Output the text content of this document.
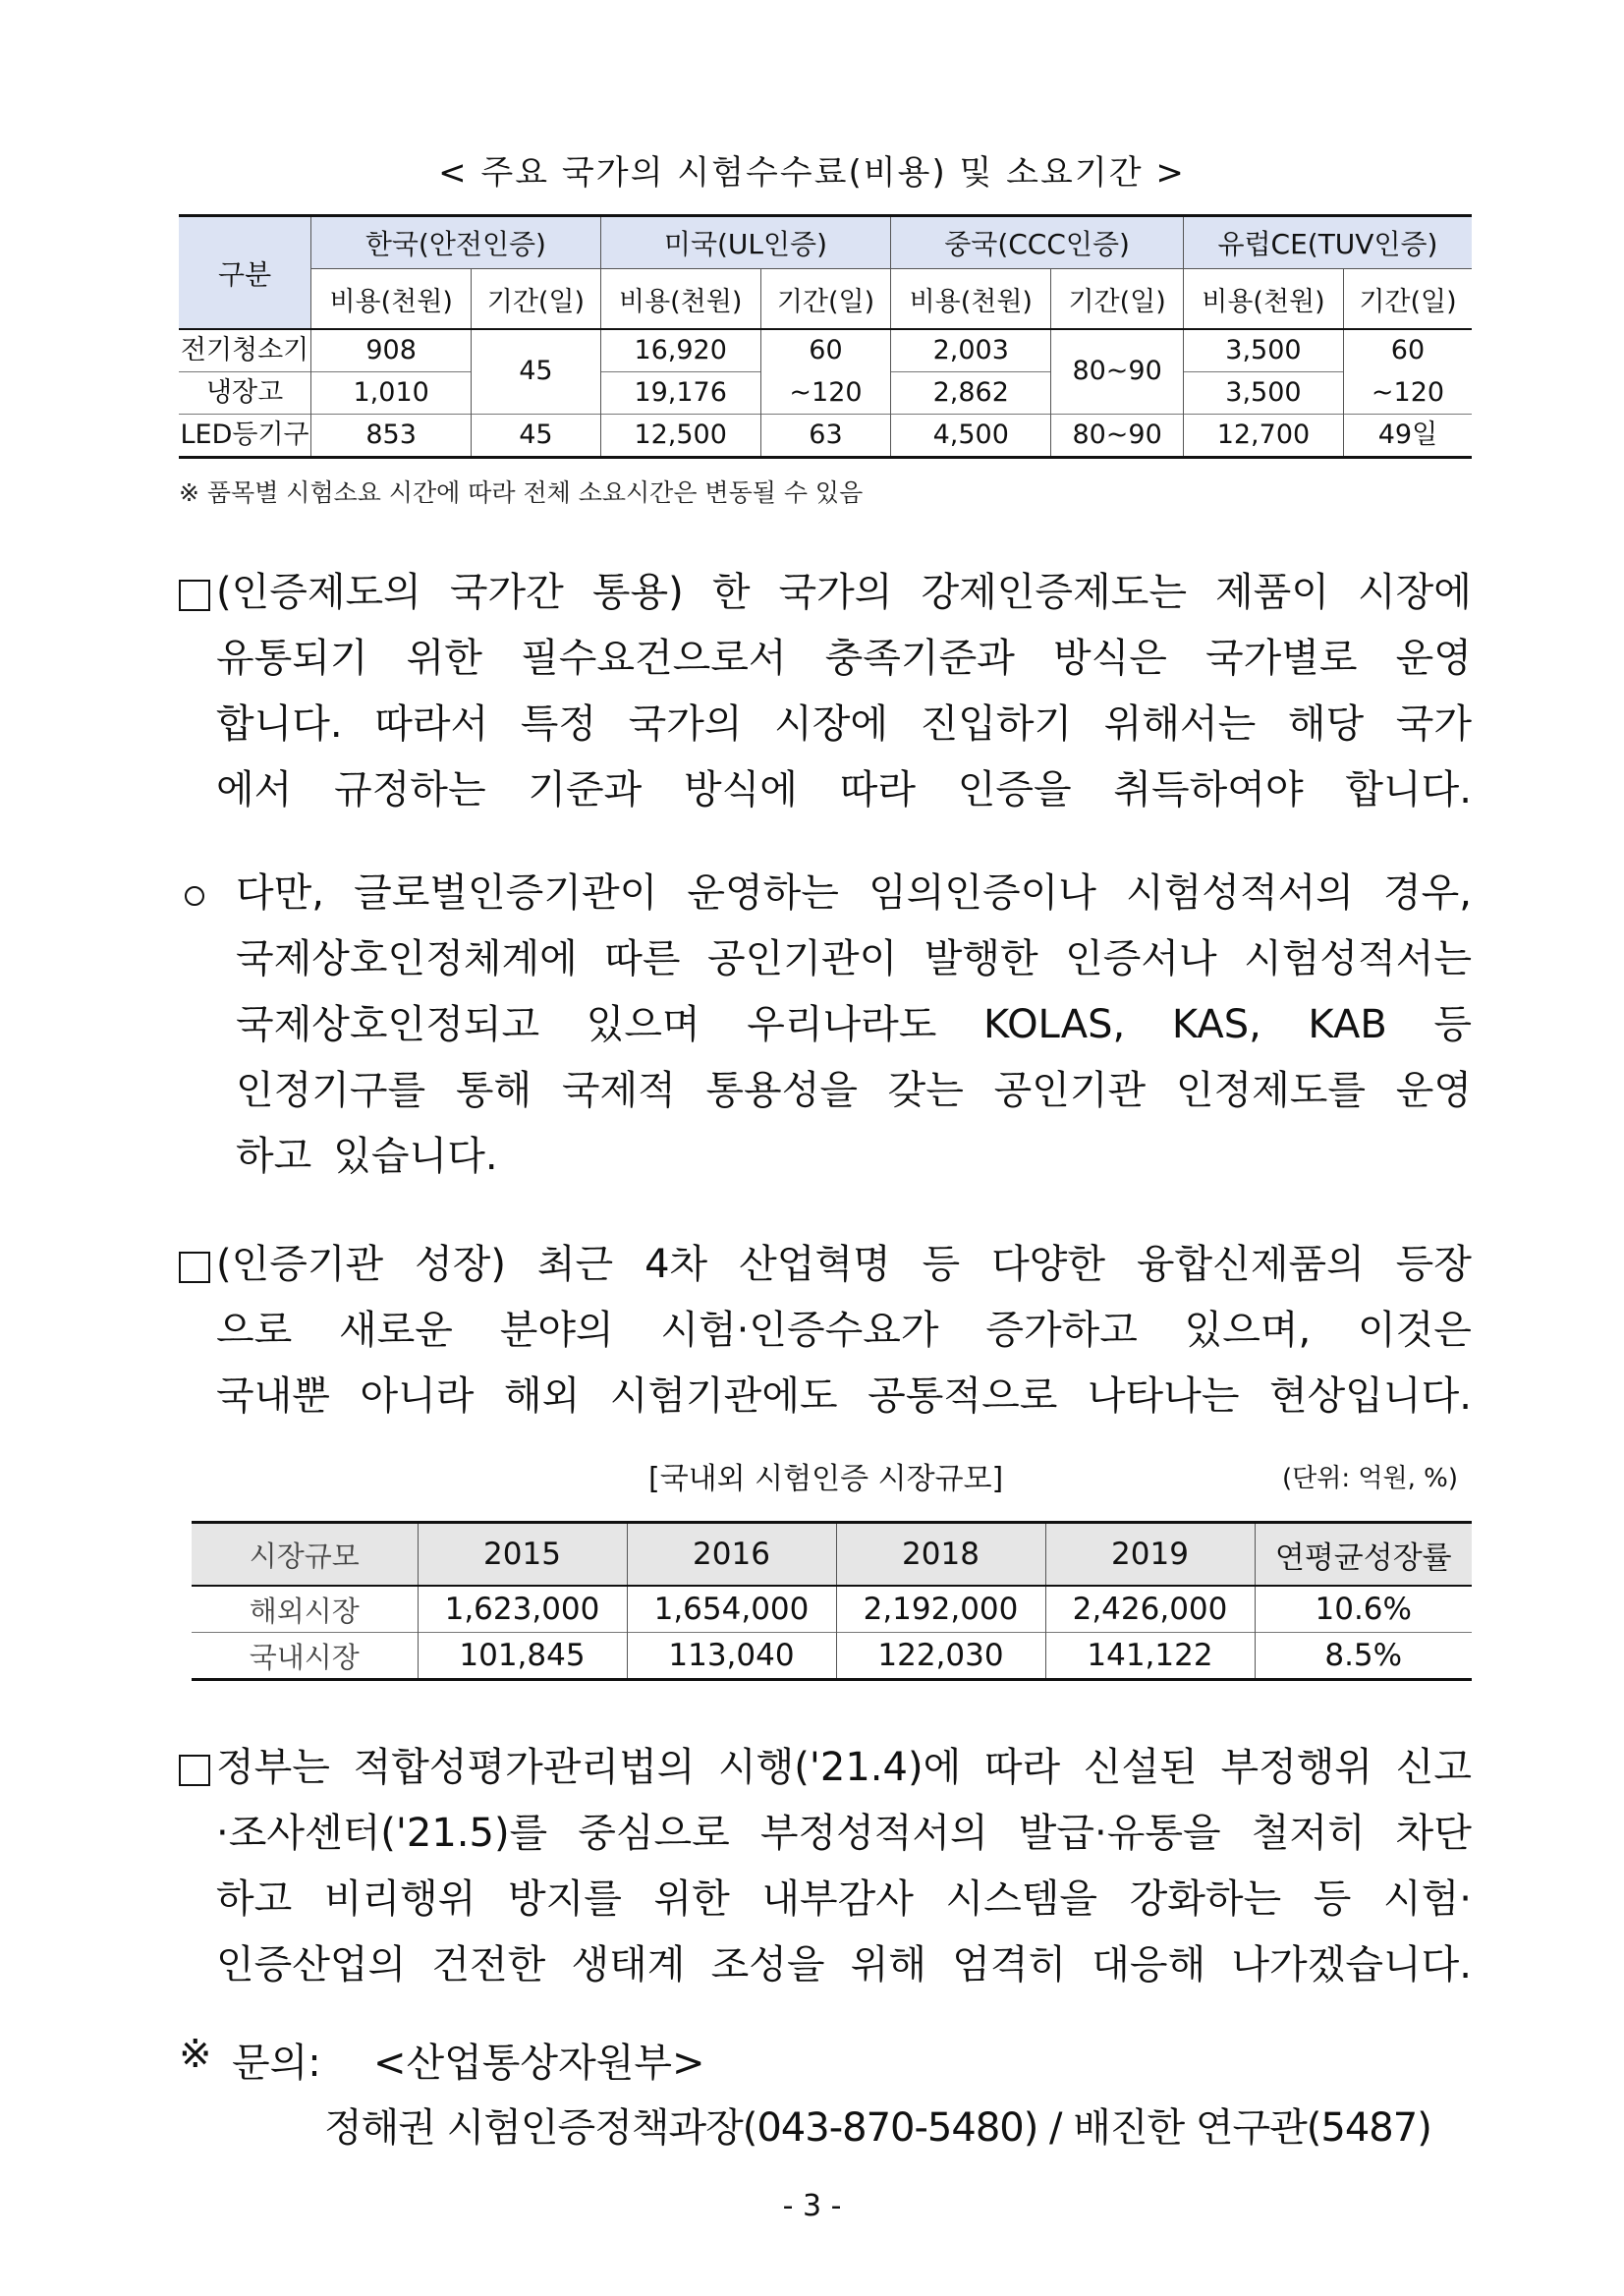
< 주요 국가의 시험수수료(비용) 및 소요기간 >
구분	한국(안전인증)		미국(UL인증)		중국(CCC인증)		유럽CE(TUV인증)	
	비용(천원)	기간(일)	비용(천원)	기간(일)	비용(천원)	기간(일)	비용(천원)	기간(일)
전기청소기	908	45	16,920	60	2,003	80~90	3,500	60
냉장고	1,010		19,176	~120	2,862		3,500	~120
LED등기구	853	45	12,500	63	4,500	80~90	12,700	49일
※ 품목별 시험소요 시간에 따라 전체 소요시간은 변동될 수 있음
(인증제도의 국가간 통용) 한 국가의 강제인증제도는 제품이 시장에
유통되기 위한 필수요건으로서 충족기준과 방식은 국가별로 운영
합니다. 따라서 특정 국가의 시장에 진입하기 위해서는 해당 국가
에서 규정하는 기준과 방식에 따라 인증을 취득하여야 합니다.
다만, 글로벌인증기관이 운영하는 임의인증이나 시험성적서의 경우,
국제상호인정체계에 따른 공인기관이 발행한 인증서나 시험성적서는
국제상호인정되고 있으며 우리나라도 KOLAS, KAS, KAB 등
인정기구를 통해 국제적 통용성을 갖는 공인기관 인정제도를 운영
하고 있습니다.
(인증기관 성장) 최근 4차 산업혁명 등 다양한 융합신제품의 등장
으로 새로운 분야의 시험·인증수요가 증가하고 있으며, 이것은
국내뿐 아니라 해외 시험기관에도 공통적으로 나타나는 현상입니다.
[국내외 시험인증 시장규모]	(단위: 억원, %)
시장규모	2015	2016	2018	2019	연평균성장률
해외시장	1,623,000	1,654,000	2,192,000	2,426,000	10.6%
국내시장	101,845	113,040	122,030	141,122	8.5%
정부는 적합성평가관리법의 시행('21.4)에 따라 신설된 부정행위 신고
·조사센터('21.5)를 중심으로 부정성적서의 발급·유통을 철저히 차단
하고 비리행위 방지를 위한 내부감사 시스템을 강화하는 등 시험·
인증산업의 건전한 생태계 조성을 위해 엄격히 대응해 나가겠습니다.
※ 문의: <산업통상자원부>
정해권 시험인증정책과장(043-870-5480) / 배진한 연구관(5487)
- 3 -
